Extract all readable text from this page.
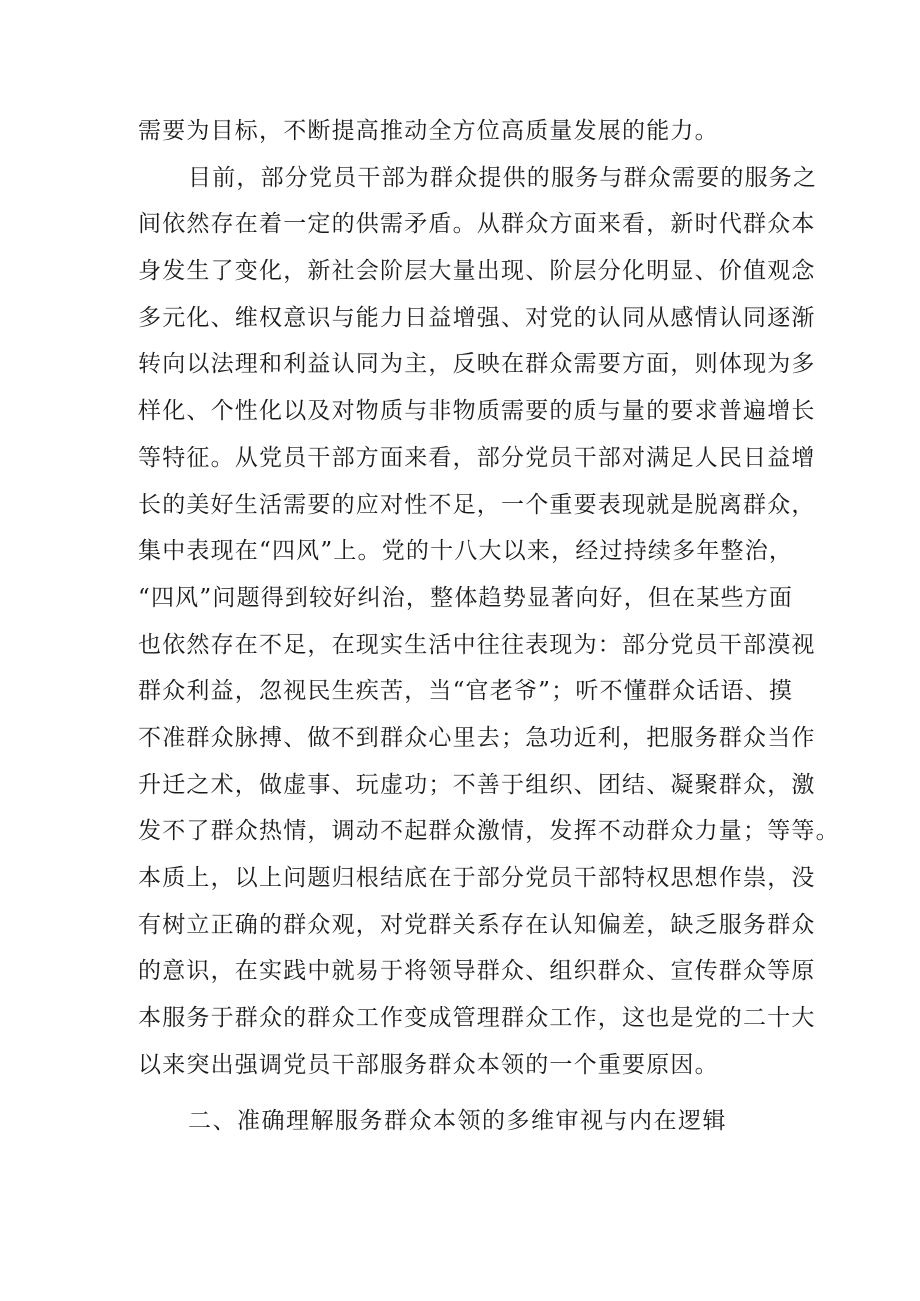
需要为目标，不断提高推动全方位高质量发展的能力。
目前，部分党员干部为群众提供的服务与群众需要的服务之
间依然存在着一定的供需矛盾。从群众方面来看，新时代群众本
身发生了变化，新社会阶层大量出现、阶层分化明显、价值观念
多元化、维权意识与能力日益增强、对党的认同从感情认同逐渐
转向以法理和利益认同为主，反映在群众需要方面，则体现为多
样化、个性化以及对物质与非物质需要的质与量的要求普遍增长
等特征。从党员干部方面来看，部分党员干部对满足人民日益增
长的美好生活需要的应对性不足，一个重要表现就是脱离群众，
集中表现在“四风”上。党的十八大以来，经过持续多年整治，
“四风”问题得到较好纠治，整体趋势显著向好，但在某些方面
也依然存在不足，在现实生活中往往表现为：部分党员干部漠视
群众利益，忽视民生疾苦，当“官老爷”；听不懂群众话语、摸
不准群众脉搏、做不到群众心里去；急功近利，把服务群众当作
升迁之术，做虚事、玩虚功；不善于组织、团结、凝聚群众，激
发不了群众热情，调动不起群众激情，发挥不动群众力量；等等。
本质上，以上问题归根结底在于部分党员干部特权思想作祟，没
有树立正确的群众观，对党群关系存在认知偏差，缺乏服务群众
的意识，在实践中就易于将领导群众、组织群众、宣传群众等原
本服务于群众的群众工作变成管理群众工作，这也是党的二十大
以来突出强调党员干部服务群众本领的一个重要原因。
二、准确理解服务群众本领的多维审视与内在逻辑
